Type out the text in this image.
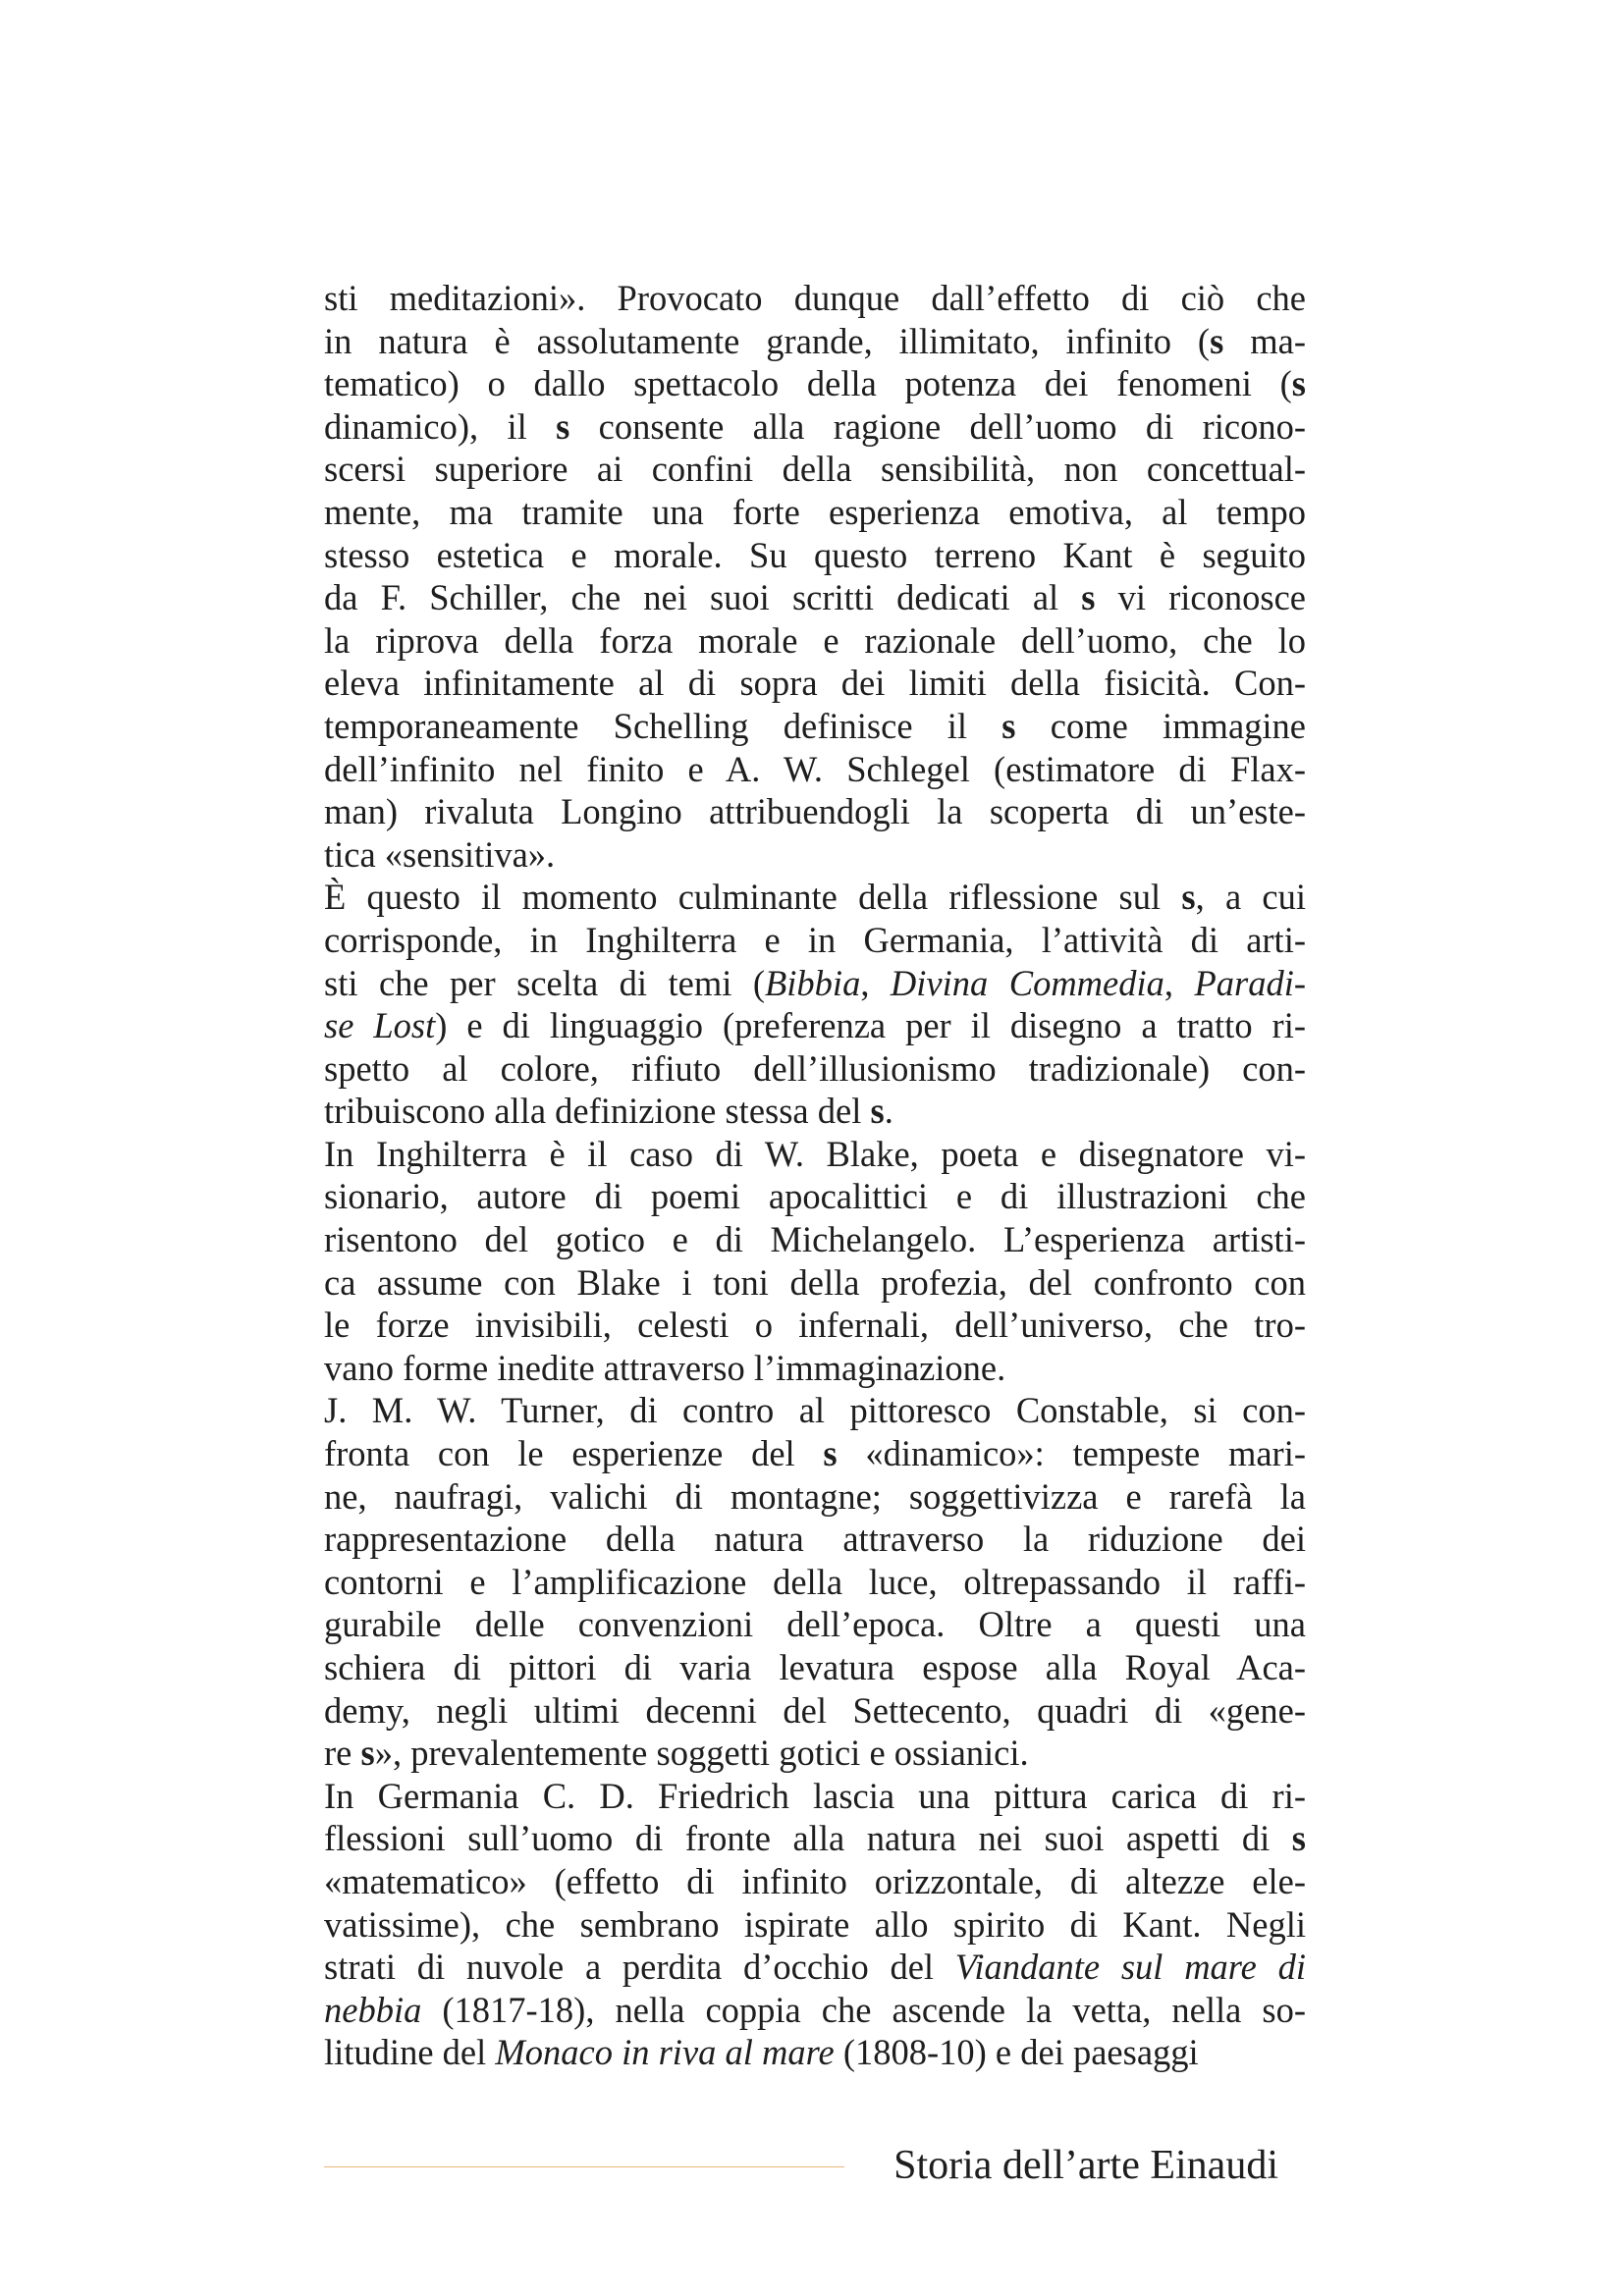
sti meditazioni». Provocato dunque dall’effetto di ciò che
in natura è assolutamente grande, illimitato, infinito (s ma-
tematico) o dallo spettacolo della potenza dei fenomeni (s
dinamico), il s consente alla ragione dell’uomo di ricono-
scersi superiore ai confini della sensibilità, non concettual-
mente, ma tramite una forte esperienza emotiva, al tempo
stesso estetica e morale. Su questo terreno Kant è seguito
da F. Schiller, che nei suoi scritti dedicati al s vi riconosce
la riprova della forza morale e razionale dell’uomo, che lo
eleva infinitamente al di sopra dei limiti della fisicità. Con-
temporaneamente Schelling definisce il s come immagine
dell’infinito nel finito e A. W. Schlegel (estimatore di Flax-
man) rivaluta Longino attribuendogli la scoperta di un’este-
tica «sensitiva».
È questo il momento culminante della riflessione sul s, a cui
corrisponde, in Inghilterra e in Germania, l’attività di arti-
sti che per scelta di temi (Bibbia, Divina Commedia, Paradi-
se Lost) e di linguaggio (preferenza per il disegno a tratto ri-
spetto al colore, rifiuto dell’illusionismo tradizionale) con-
tribuiscono alla definizione stessa del s.
In Inghilterra è il caso di W. Blake, poeta e disegnatore vi-
sionario, autore di poemi apocalittici e di illustrazioni che
risentono del gotico e di Michelangelo. L’esperienza artisti-
ca assume con Blake i toni della profezia, del confronto con
le forze invisibili, celesti o infernali, dell’universo, che tro-
vano forme inedite attraverso l’immaginazione.
J. M. W. Turner, di contro al pittoresco Constable, si con-
fronta con le esperienze del s «dinamico»: tempeste mari-
ne, naufragi, valichi di montagne; soggettivizza e rarefà la
rappresentazione della natura attraverso la riduzione dei
contorni e l’amplificazione della luce, oltrepassando il raffi-
gurabile delle convenzioni dell’epoca. Oltre a questi una
schiera di pittori di varia levatura espose alla Royal Aca-
demy, negli ultimi decenni del Settecento, quadri di «gene-
re s», prevalentemente soggetti gotici e ossianici.
In Germania C. D. Friedrich lascia una pittura carica di ri-
flessioni sull’uomo di fronte alla natura nei suoi aspetti di s
«matematico» (effetto di infinito orizzontale, di altezze ele-
vatissime), che sembrano ispirate allo spirito di Kant. Negli
strati di nuvole a perdita d’occhio del Viandante sul mare di
nebbia (1817-18), nella coppia che ascende la vetta, nella so-
litudine del Monaco in riva al mare (1808-10) e dei paesaggi
Storia dell’arte Einaudi
